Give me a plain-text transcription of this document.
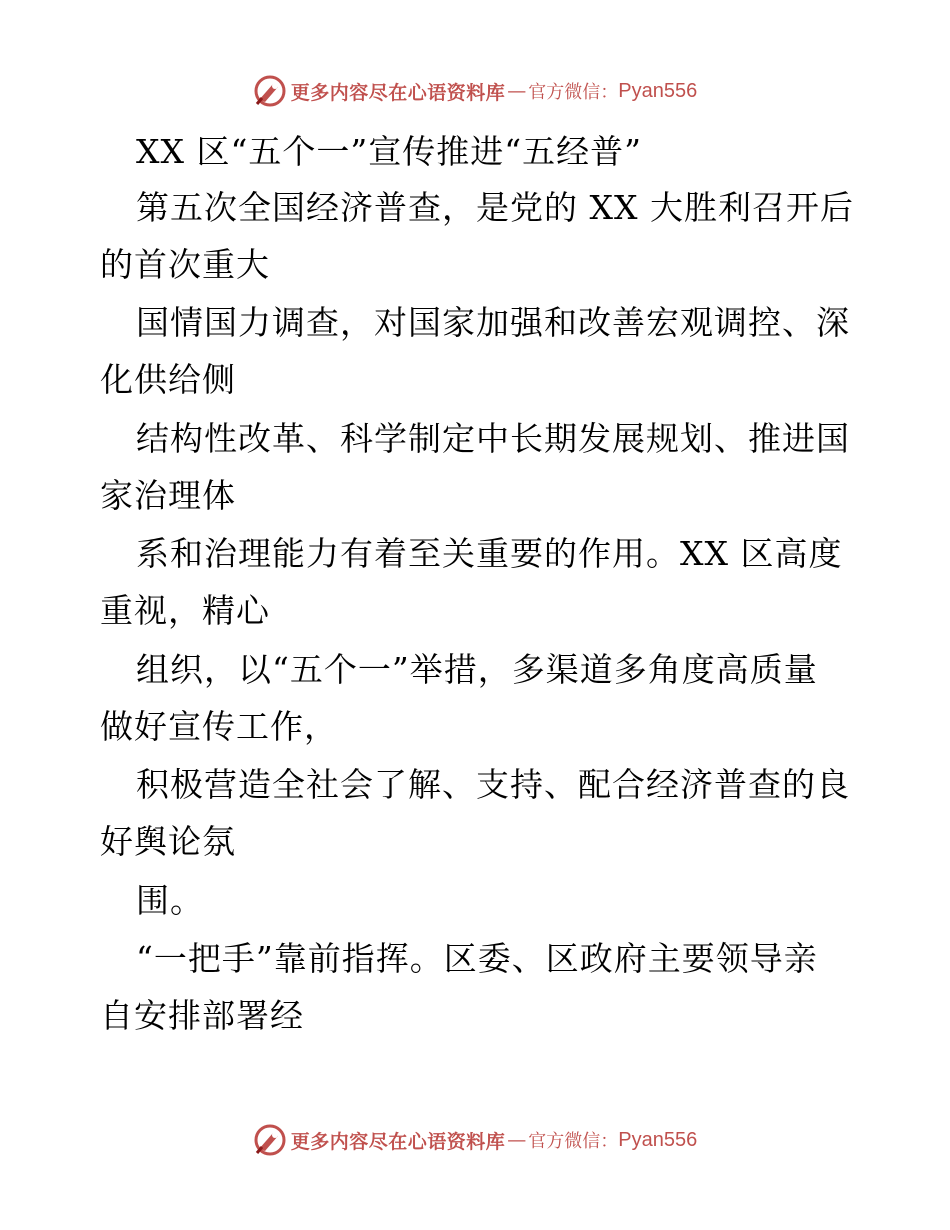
更多内容尽在心语资料库 — 官方微信： Pyan556
XX 区“五个一”宣传推进“五经普”
第五次全国经济普查，是党的 XX 大胜利召开后
的首次重大
国情国力调查，对国家加强和改善宏观调控、深
化供给侧
结构性改革、科学制定中长期发展规划、推进国
家治理体
系和治理能力有着至关重要的作用。XX 区高度
重视，精心
组织，以“五个一”举措，多渠道多角度高质量
做好宣传工作，
积极营造全社会了解、支持、配合经济普查的良
好舆论氛
围。
“一把手”靠前指挥。区委、区政府主要领导亲
自安排部署经
更多内容尽在心语资料库 — 官方微信： Pyan556
